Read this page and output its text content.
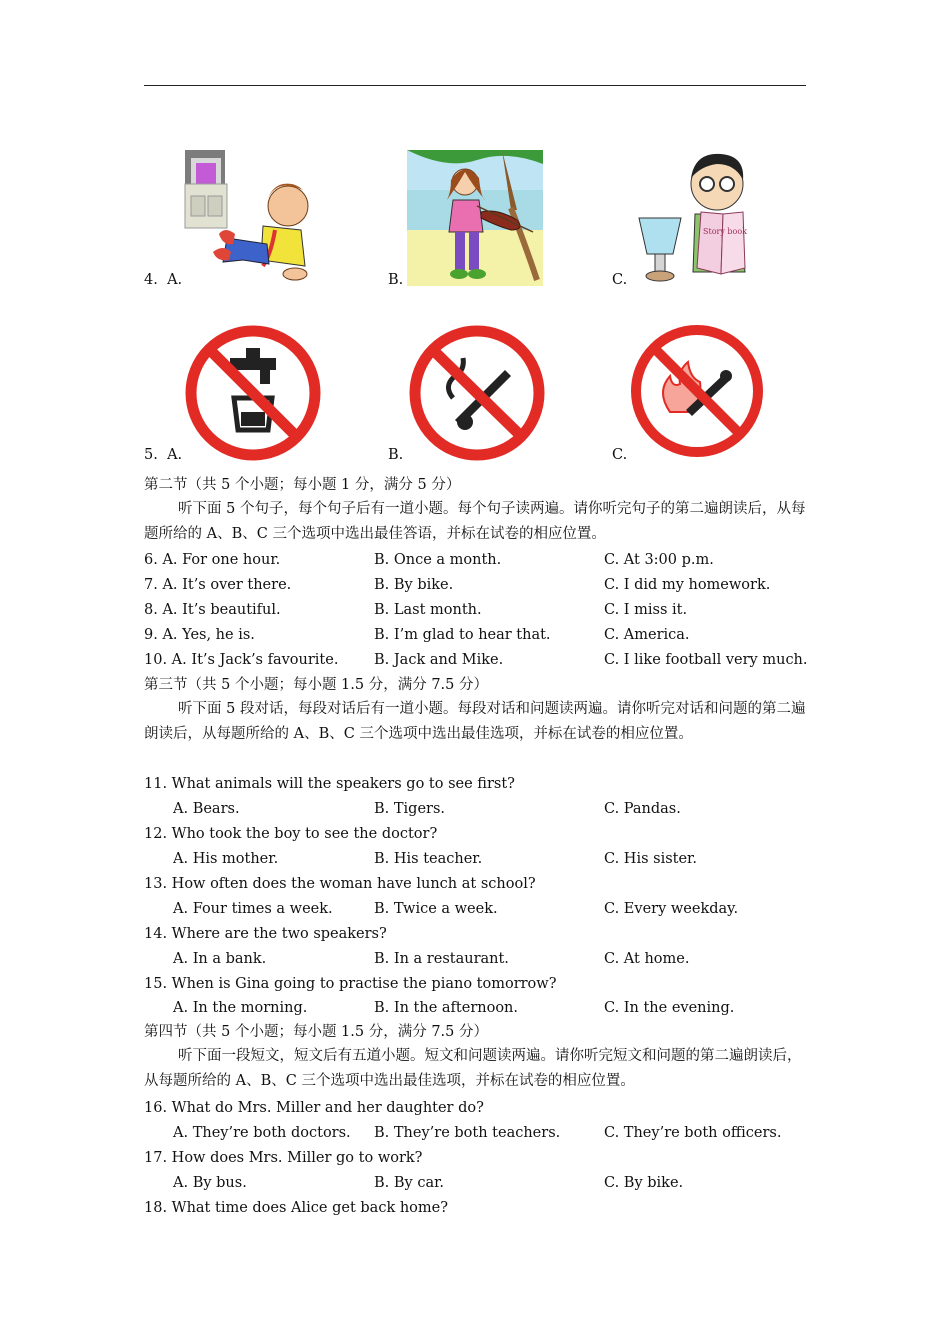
4. A.	B.	C.
Story book
5. A.	B.	C.
第二节（共 5 个小题；每小题 1 分，满分 5 分）
听下面 5 个句子，每个句子后有一道小题。每个句子读两遍。请你听完句子的第二遍朗读后，从每题所给的 A、B、C 三个选项中选出最佳答语，并标在试卷的相应位置。
6. A. For one hour.	B. Once a month.	C. At 3:00 p.m.
7. A. It’s over there.	B. By bike.	C. I did my homework.
8. A. It’s beautiful.	B. Last month.	C. I miss it.
9. A. Yes, he is.	B. I’m glad to hear that.	C. America.
10. A. It’s Jack’s favourite. B. Jack and Mike.	C. I like football very much.
第三节（共 5 个小题；每小题 1.5 分，满分 7.5 分）
听下面 5 段对话，每段对话后有一道小题。每段对话和问题读两遍。请你听完对话和问题的第二遍朗读后，从每题所给的 A、B、C 三个选项中选出最佳选项，并标在试卷的相应位置。
11. What animals will the speakers go to see first?
A. Bears.	B. Tigers.	C. Pandas.
12. Who took the boy to see the doctor?
A. His mother.	B. His teacher.	C. His sister.
13. How often does the woman have lunch at school?
A. Four times a week.	B. Twice a week.	C. Every weekday.
14. Where are the two speakers?
A. In a bank.	B. In a restaurant.	C. At home.
15. When is Gina going to practise the piano tomorrow?
A. In the morning.	B. In the afternoon.	C. In the evening.
第四节（共 5 个小题；每小题 1.5 分，满分 7.5 分）
听下面一段短文，短文后有五道小题。短文和问题读两遍。请你听完短文和问题的第二遍朗读后，从每题所给的 A、B、C 三个选项中选出最佳选项，并标在试卷的相应位置。
16. What do Mrs. Miller and her daughter do?
A. They’re both doctors. B. They’re both teachers.	C. They’re both officers.
17. How does Mrs. Miller go to work?
A. By bus.	B. By car.	C. By bike.
18. What time does Alice get back home?
